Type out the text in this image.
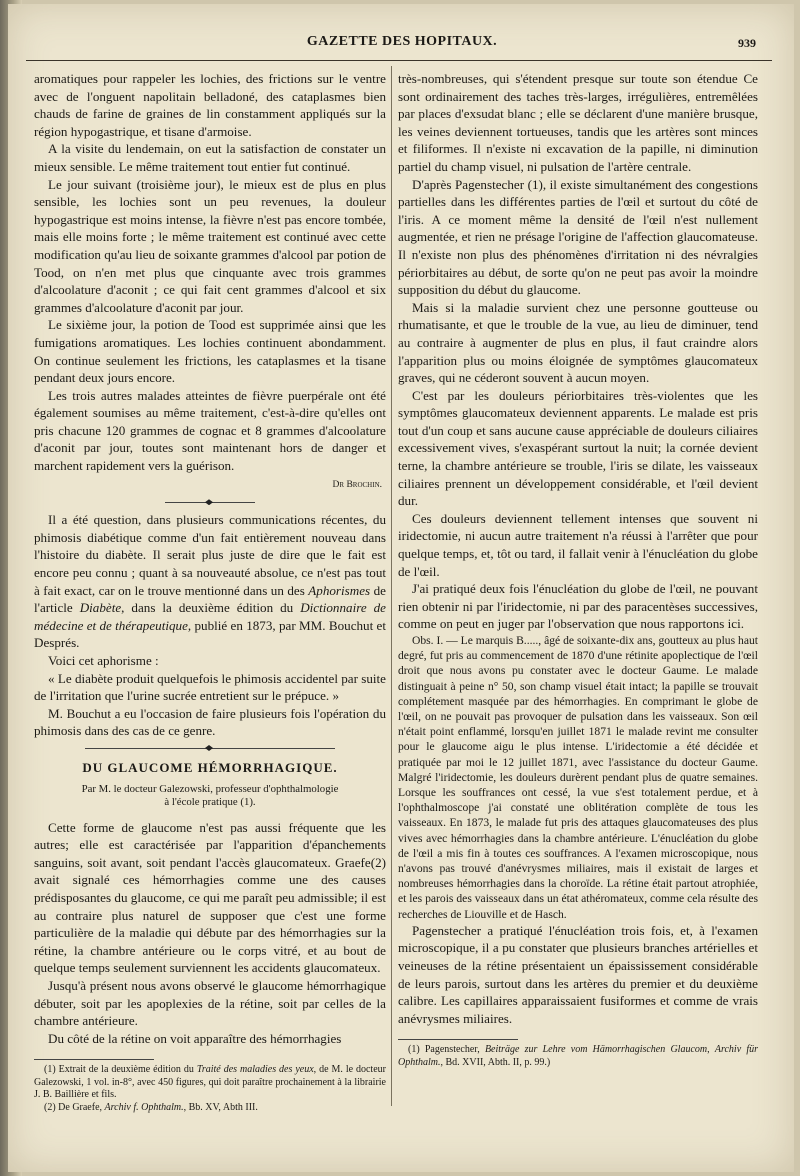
GAZETTE DES HOPITAUX.	939

aromatiques pour rappeler les lochies, des frictions sur le ventre avec de l'onguent napolitain belladoné, des cataplasmes bien chauds de farine de graines de lin constamment appliqués sur la région hypogastrique, et tisane d'armoise.

A la visite du lendemain, on eut la satisfaction de constater un mieux sensible. Le même traitement tout entier fut continué.

Le jour suivant (troisième jour), le mieux est de plus en plus sensible, les lochies sont un peu revenues, la douleur hypogastrique est moins intense, la fièvre n'est pas encore tombée, mais elle moins forte ; le même traitement est continué avec cette modification qu'au lieu de soixante grammes d'alcool par potion de Tood, on n'en met plus que cinquante avec trois grammes d'alcoolature d'aconit ; ce qui fait cent grammes d'alcool et six grammes d'alcoolature d'aconit par jour.

Le sixième jour, la potion de Tood est supprimée ainsi que les fumigations aromatiques. Les lochies continuent abondamment. On continue seulement les frictions, les cataplasmes et la tisane pendant deux jours encore.

Les trois autres malades atteintes de fièvre puerpérale ont été également soumises au même traitement, c'est-à-dire qu'elles ont pris chacune 120 grammes de cognac et 8 grammes d'alcoolature d'aconit par jour, toutes sont maintenant hors de danger et marchent rapidement vers la guérison.

Dr Brochin.

Il a été question, dans plusieurs communications récentes, du phimosis diabétique comme d'un fait entièrement nouveau dans l'histoire du diabète. Il serait plus juste de dire que le fait est encore peu connu ; quant à sa nouveauté absolue, ce n'est pas tout à fait exact, car on le trouve mentionné dans un des Aphorismes de l'article Diabète, dans la deuxième édition du Dictionnaire de médecine et de thérapeutique, publié en 1873, par MM. Bouchut et Després.

Voici cet aphorisme :

« Le diabète produit quelquefois le phimosis accidentel par suite de l'irritation que l'urine sucrée entretient sur le prépuce. »

M. Bouchut a eu l'occasion de faire plusieurs fois l'opération du phimosis dans des cas de ce genre.

DU GLAUCOME HÉMORRHAGIQUE.
Par M. le docteur Galezowski, professeur d'ophthalmologie
à l'école pratique (1).

Cette forme de glaucome n'est pas aussi fréquente que les autres; elle est caractérisée par l'apparition d'épanchements sanguins, soit avant, soit pendant l'accès glaucomateux. Graefe(2) avait signalé ces hémorrhagies comme une des causes prédisposantes du glaucome, ce qui me paraît peu admissible; il est au contraire plus naturel de supposer que c'est une forme particulière de la maladie qui débute par des hémorrhagies sur la rétine, la chambre antérieure ou le corps vitré, et au bout de quelque temps seulement surviennent les accidents glaucomateux.

Jusqu'à présent nous avons observé le glaucome hémorrhagique débuter, soit par les apoplexies de la rétine, soit par celles de la chambre antérieure.

Du côté de la rétine on voit apparaître des hémorrhagies

(1) Extrait de la deuxième édition du Traité des maladies des yeux, de M. le docteur Galezowski, 1 vol. in-8°, avec 450 figures, qui doit paraître prochainement à la librairie J. B. Baillière et fils.

(2) De Graefe, Archiv f. Ophthalm., Bb. XV, Abth III.

très-nombreuses, qui s'étendent presque sur toute son étendue Ce sont ordinairement des taches très-larges, irrégulières, entremêlées par places d'exsudat blanc ; elle se déclarent d'une manière brusque, les veines deviennent tortueuses, tandis que les artères sont minces et filiformes. Il n'existe ni excavation de la papille, ni diminution partiel du champ visuel, ni pulsation de l'artère centrale.

D'après Pagenstecher (1), il existe simultanément des congestions partielles dans les différentes parties de l'œil et surtout du côté de l'iris. A ce moment même la densité de l'œil n'est nullement augmentée, et rien ne présage l'origine de l'affection glaucomateuse. Il n'existe non plus des phénomènes d'irritation ni des névralgies périorbitaires au début, de sorte qu'on ne peut pas avoir la moindre supposition du début du glaucome.

Mais si la maladie survient chez une personne goutteuse ou rhumatisante, et que le trouble de la vue, au lieu de diminuer, tend au contraire à augmenter de plus en plus, il faut craindre alors l'apparition plus ou moins éloignée de symptômes glaucomateux graves, qui ne céderont souvent à aucun moyen.

C'est par les douleurs périorbitaires très-violentes que les symptômes glaucomateux deviennent apparents. Le malade est pris tout d'un coup et sans aucune cause appréciable de douleurs ciliaires excessivement vives, s'exaspérant surtout la nuit; la cornée devient terne, la chambre antérieure se trouble, l'iris se dilate, les vaisseaux ciliaires prennent un développement considérable, et l'œil devient dur.

Ces douleurs deviennent tellement intenses que souvent ni iridectomie, ni aucun autre traitement n'a réussi à l'arrêter que pour quelque temps, et, tôt ou tard, il fallait venir à l'énucléation du globe de l'œil.

J'ai pratiqué deux fois l'énucléation du globe de l'œil, ne pouvant rien obtenir ni par l'iridectomie, ni par des paracentèses successives, comme on peut en juger par l'observation que nous rapportons ici.

Obs. I. — Le marquis B....., âgé de soixante-dix ans, goutteux au plus haut degré, fut pris au commencement de 1870 d'une rétinite apoplectique de l'œil droit que nous avons pu constater avec le docteur Gaume. Le malade distinguait à peine n° 50, son champ visuel était intact; la papille se trouvait complétement masquée par des hémorrhagies. En comprimant le globe de l'œil, on ne pouvait pas provoquer de pulsation dans les vaisseaux. Son œil n'était point enflammé, lorsqu'en juillet 1871 le malade revint me consulter pour le glaucome aigu le plus intense. L'iridectomie a été décidée et pratiquée par moi le 12 juillet 1871, avec l'assistance du docteur Gaume. Malgré l'iridectomie, les douleurs durèrent pendant plus de quatre semaines. Lorsque les souffrances ont cessé, la vue s'est totalement perdue, et à l'ophthalmoscope j'ai constaté une oblitération complète de tous les vaisseaux. En 1873, le malade fut pris des attaques glaucomateuses des plus vives avec hémorrhagies dans la chambre antérieure. L'énucléation du globe de l'œil a mis fin à toutes ces souffrances. A l'examen microscopique, nous n'avons pas trouvé d'anévrysmes miliaires, mais il existait de larges et nombreuses hémorrhagies dans la choroïde. La rétine était partout atrophiée, et les parois des vaisseaux dans un état athéromateux, comme cela résulte des recherches de Liouville et de Hasch.

Pagenstecher a pratiqué l'énucléation trois fois, et, à l'examen microscopique, il a pu constater que plusieurs branches artérielles et veineuses de la rétine présentaient un épaississement considérable de leurs parois, surtout dans les artères du premier et du deuxième calibre. Les capillaires apparaissaient fusiformes et comme de vrais anévrysmes miliaires.

(1) Pagenstecher, Beiträge zur Lehre vom Hämorrhagischen Glaucom, Archiv für Ophthalm., Bd. XVII, Abth. II, p. 99.)
